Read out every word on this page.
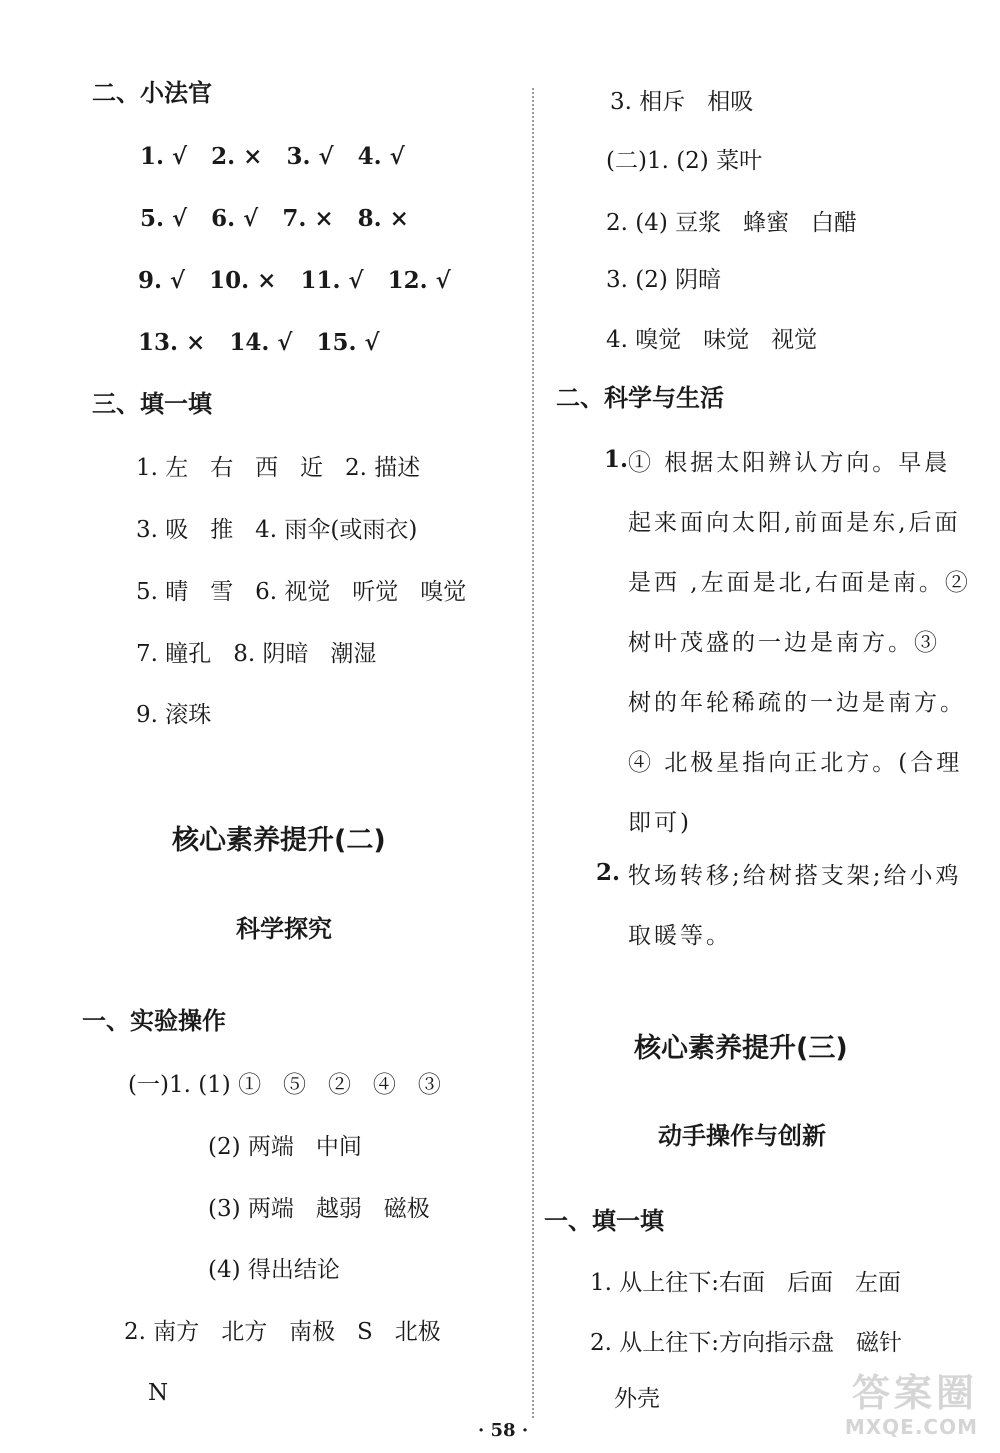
二、小法官
1. √   2. ×   3. √   4. √
5. √   6. √   7. ×   8. ×
9. √   10. ×   11. √   12. √
13. ×   14. √   15. √
三、填一填
1. 左   右   西   近   2. 描述
3. 吸   推   4. 雨伞(或雨衣)
5. 晴   雪   6. 视觉   听觉   嗅觉
7. 瞳孔   8. 阴暗   潮湿
9. 滚珠
核心素养提升(二)
科学探究
一、实验操作
(一)1. (1) ①   ⑤   ②   ④   ③
(2) 两端   中间
(3) 两端   越弱   磁极
(4) 得出结论
2. 南方   北方   南极   S   北极
N
3. 相斥   相吸
(二)1. (2) 菜叶
2. (4) 豆浆   蜂蜜   白醋
3. (2) 阴暗
4. 嗅觉   味觉   视觉
二、科学与生活
1. ① 根据太阳辨认方向。早晨起来面向太阳,前面是东,后面是西 ,左面是北,右面是南。② 树叶茂盛的一边是南方。③ 树的年轮稀疏的一边是南方。④ 北极星指向正北方。(合理即可)
2. 牧场转移;给树搭支架;给小鸡取暖等。
核心素养提升(三)
动手操作与创新
一、填一填
1. 从上往下:右面   后面   左面
2. 从上往下:方向指示盘   磁针
外壳
· 58 ·
答案圈
MXQE.COM
